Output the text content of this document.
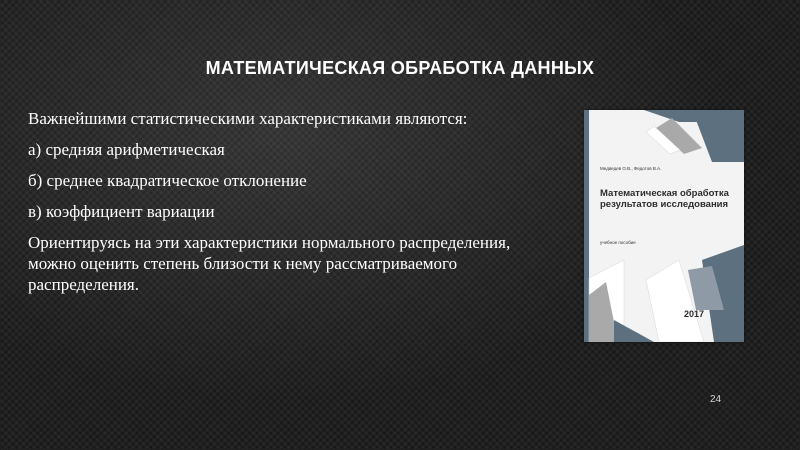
МАТЕМАТИЧЕСКАЯ ОБРАБОТКА ДАННЫХ

Важнейшими статистическими характеристиками являются:

а) средняя арифметическая

б) среднее квадратическое отклонение

в) коэффициент вариации

Ориентируясь на эти характеристики нормального распределения, можно оценить степень близости к нему рассматриваемого распределения.

Медведев О.В., Федотов В.А.
Математическая обработка результатов исследования
учебное пособие
2017
24
